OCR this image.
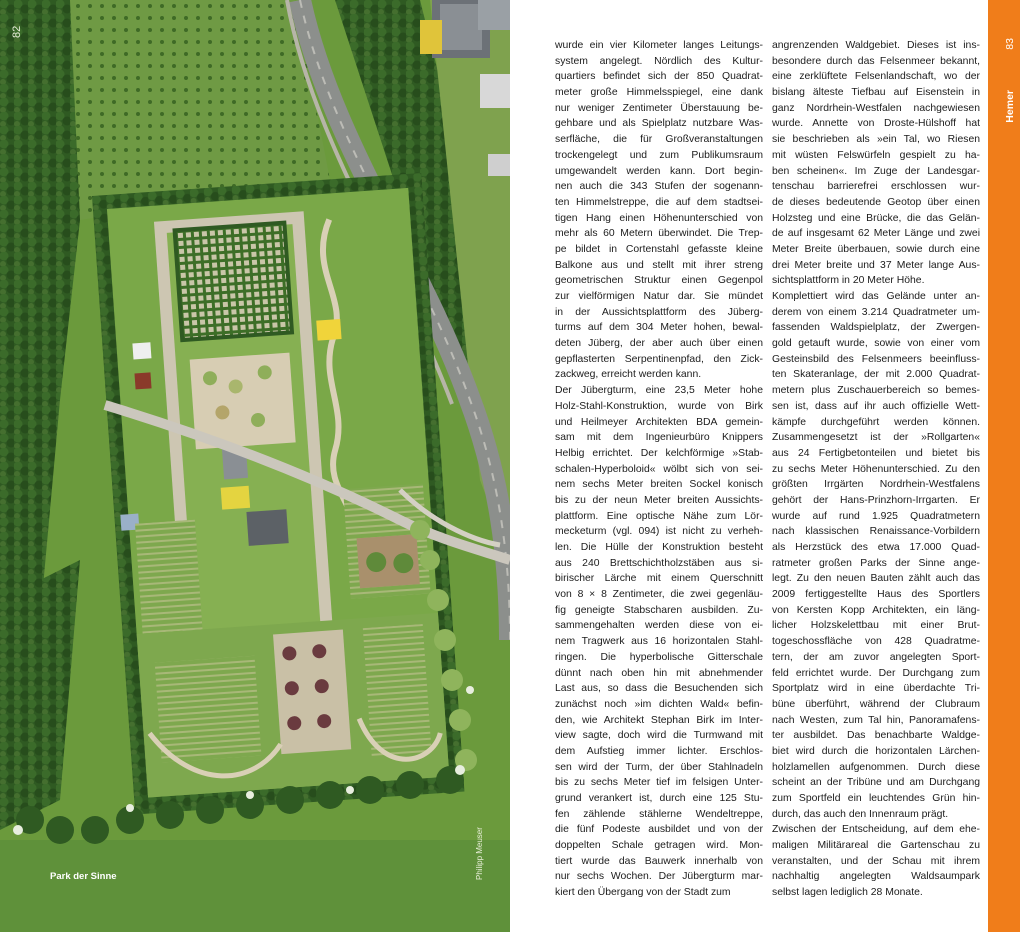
82
Park der Sinne	Philipp Meuser
wurde ein vier Kilometer langes Leitungs-
system angelegt. Nördlich des Kultur-
quartiers befindet sich der 850 Quadrat-
meter große Himmelsspiegel, eine dank
nur weniger Zentimeter Überstauung be-
gehbare und als Spielplatz nutzbare Was-
serfläche, die für Großveranstaltungen
trockengelegt und zum Publikumsraum
umgewandelt werden kann. Dort begin-
nen auch die 343 Stufen der sogenann-
ten Himmelstreppe, die auf dem stadtsei-
tigen Hang einen Höhenunterschied von
mehr als 60 Metern überwindet. Die Trep-
pe bildet in Cortenstahl gefasste kleine
Balkone aus und stellt mit ihrer streng
geometrischen Struktur einen Gegenpol
zur vielförmigen Natur dar. Sie mündet
in der Aussichtsplattform des Jüberg-
turms auf dem 304 Meter hohen, bewal-
deten Jüberg, der aber auch über einen
gepflasterten Serpentinenpfad, den Zick-
zackweg, erreicht werden kann.
Der Jübergturm, eine 23,5 Meter hohe
Holz-Stahl-Konstruktion, wurde von Birk
und Heilmeyer Architekten BDA gemein-
sam mit dem Ingenieurbüro Knippers
Helbig errichtet. Der kelchförmige »Stab-
schalen-Hyperboloid« wölbt sich von sei-
nem sechs Meter breiten Sockel konisch
bis zu der neun Meter breiten Aussichts-
plattform. Eine optische Nähe zum Lör-
mecketurm (vgl. 094) ist nicht zu verheh-
len. Die Hülle der Konstruktion besteht
aus 240 Brettschichtholzstäben aus si-
birischer Lärche mit einem Querschnitt
von 8 × 8 Zentimeter, die zwei gegenläu-
fig geneigte Stabscharen ausbilden. Zu-
sammengehalten werden diese von ei-
nem Tragwerk aus 16 horizontalen Stahl-
ringen. Die hyperbolische Gitterschale
dünnt nach oben hin mit abnehmender
Last aus, so dass die Besuchenden sich
zunächst noch »im dichten Wald« befin-
den, wie Architekt Stephan Birk im Inter-
view sagte, doch wird die Turmwand mit
dem Aufstieg immer lichter. Erschlos-
sen wird der Turm, der über Stahlnadeln
bis zu sechs Meter tief im felsigen Unter-
grund verankert ist, durch eine 125 Stu-
fen zählende stählerne Wendeltreppe,
die fünf Podeste ausbildet und von der
doppelten Schale getragen wird. Mon-
tiert wurde das Bauwerk innerhalb von
nur sechs Wochen. Der Jübergturm mar-
kiert den Übergang von der Stadt zum
angrenzenden Waldgebiet. Dieses ist ins-
besondere durch das Felsenmeer bekannt,
eine zerklüftete Felsenlandschaft, wo der
bislang älteste Tiefbau auf Eisenstein in
ganz Nordrhein-Westfalen nachgewiesen
wurde. Annette von Droste-Hülshoff hat
sie beschrieben als »ein Tal, wo Riesen
mit wüsten Felswürfeln gespielt zu ha-
ben scheinen«. Im Zuge der Landesgar-
tenschau barrierefrei erschlossen wur-
de dieses bedeutende Geotop über einen
Holzsteg und eine Brücke, die das Gelän-
de auf insgesamt 62 Meter Länge und zwei
Meter Breite überbauen, sowie durch eine
drei Meter breite und 37 Meter lange Aus-
sichtsplattform in 20 Meter Höhe.
Komplettiert wird das Gelände unter an-
derem von einem 3.214 Quadratmeter um-
fassenden Waldspielplatz, der Zwergen-
gold getauft wurde, sowie von einer vom
Gesteinsbild des Felsenmeers beeinfluss-
ten Skateranlage, der mit 2.000 Quadrat-
metern plus Zuschauerbereich so bemes-
sen ist, dass auf ihr auch offizielle Wett-
kämpfe durchgeführt werden können.
Zusammengesetzt ist der »Rollgarten«
aus 24 Fertigbetonteilen und bietet bis
zu sechs Meter Höhenunterschied. Zu den
größten Irrgärten Nordrhein-Westfalens
gehört der Hans-Prinzhorn-Irrgarten. Er
wurde auf rund 1.925 Quadratmetern
nach klassischen Renaissance-Vorbildern
als Herzstück des etwa 17.000 Quad-
ratmeter großen Parks der Sinne ange-
legt. Zu den neuen Bauten zählt auch das
2009 fertiggestellte Haus des Sportlers
von Kersten Kopp Architekten, ein läng-
licher Holzskelettbau mit einer Brut-
togeschossfläche von 428 Quadratme-
tern, der am zuvor angelegten Sport-
feld errichtet wurde. Der Durchgang zum
Sportplatz wird in eine überdachte Tri-
büne überführt, während der Clubraum
nach Westen, zum Tal hin, Panoramafens-
ter ausbildet. Das benachbarte Waldge-
biet wird durch die horizontalen Lärchen-
holzlamellen aufgenommen. Durch diese
scheint an der Tribüne und am Durchgang
zum Sportfeld ein leuchtendes Grün hin-
durch, das auch den Innenraum prägt.
Zwischen der Entscheidung, auf dem ehe-
maligen Militärareal die Gartenschau zu
veranstalten, und der Schau mit ihrem
nachhaltig angelegten Waldsaumpark
selbst lagen lediglich 28 Monate.
83
Hemer
